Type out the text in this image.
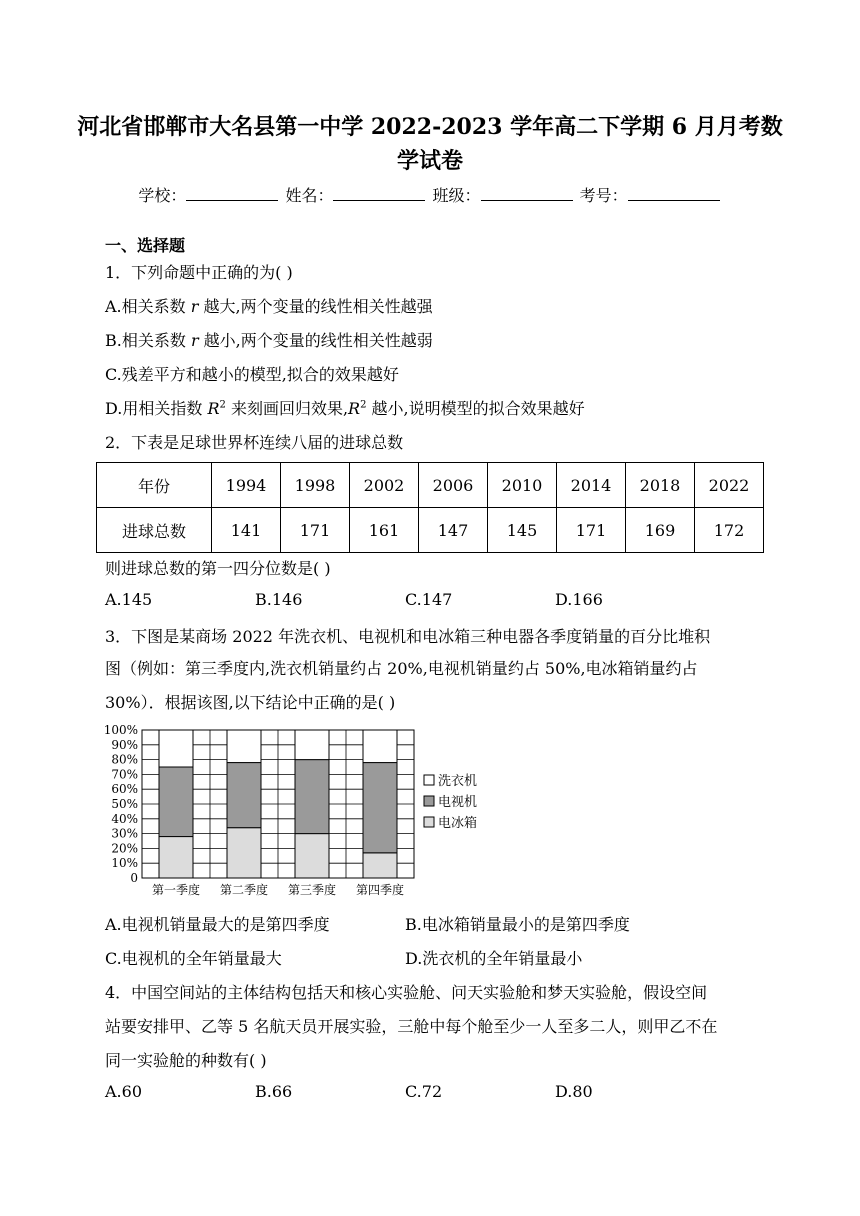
河北省邯郸市大名县第一中学 2022-2023 学年高二下学期 6 月月考数
学试卷
学校：	姓名：	班级：	考号：
一、选择题
1．下列命题中正确的为( )
A.相关系数 r 越大,两个变量的线性相关性越强
B.相关系数 r 越小,两个变量的线性相关性越弱
C.残差平方和越小的模型,拟合的效果越好
D.用相关指数 $R^2$ 来刻画回归效果$,R^2$ 越小,说明模型的拟合效果越好
2．下表是足球世界杯连续八届的进球总数
年份	1994	1998	2002	2006	2010	2014	2018	2022
进球总数	141	171	161	147	145	171	169	172
则进球总数的第一四分位数是( )
A.145	B.146	C.147	D.166
3．下图是某商场 2022 年洗衣机、电视机和电冰箱三种电器各季度销量的百分比堆积
图（例如：第三季度内,洗衣机销量约占 20%,电视机销量约占 50%,电冰箱销量约占
30%）．根据该图,以下结论中正确的是( )
0
10%
20%
30%
40%
50%
60%
70%
80%
90%
100%
第一季度 第二季度 第三季度 第四季度
洗衣机
电视机
电冰箱
A.电视机销量最大的是第四季度	B.电冰箱销量最小的是第四季度
C.电视机的全年销量最大	D.洗衣机的全年销量最小
4．中国空间站的主体结构包括天和核心实验舱、问天实验舱和梦天实验舱，假设空间
站要安排甲、乙等 5 名航天员开展实验，三舱中每个舱至少一人至多二人，则甲乙不在
同一实验舱的种数有( )
A.60	B.66	C.72	D.80
